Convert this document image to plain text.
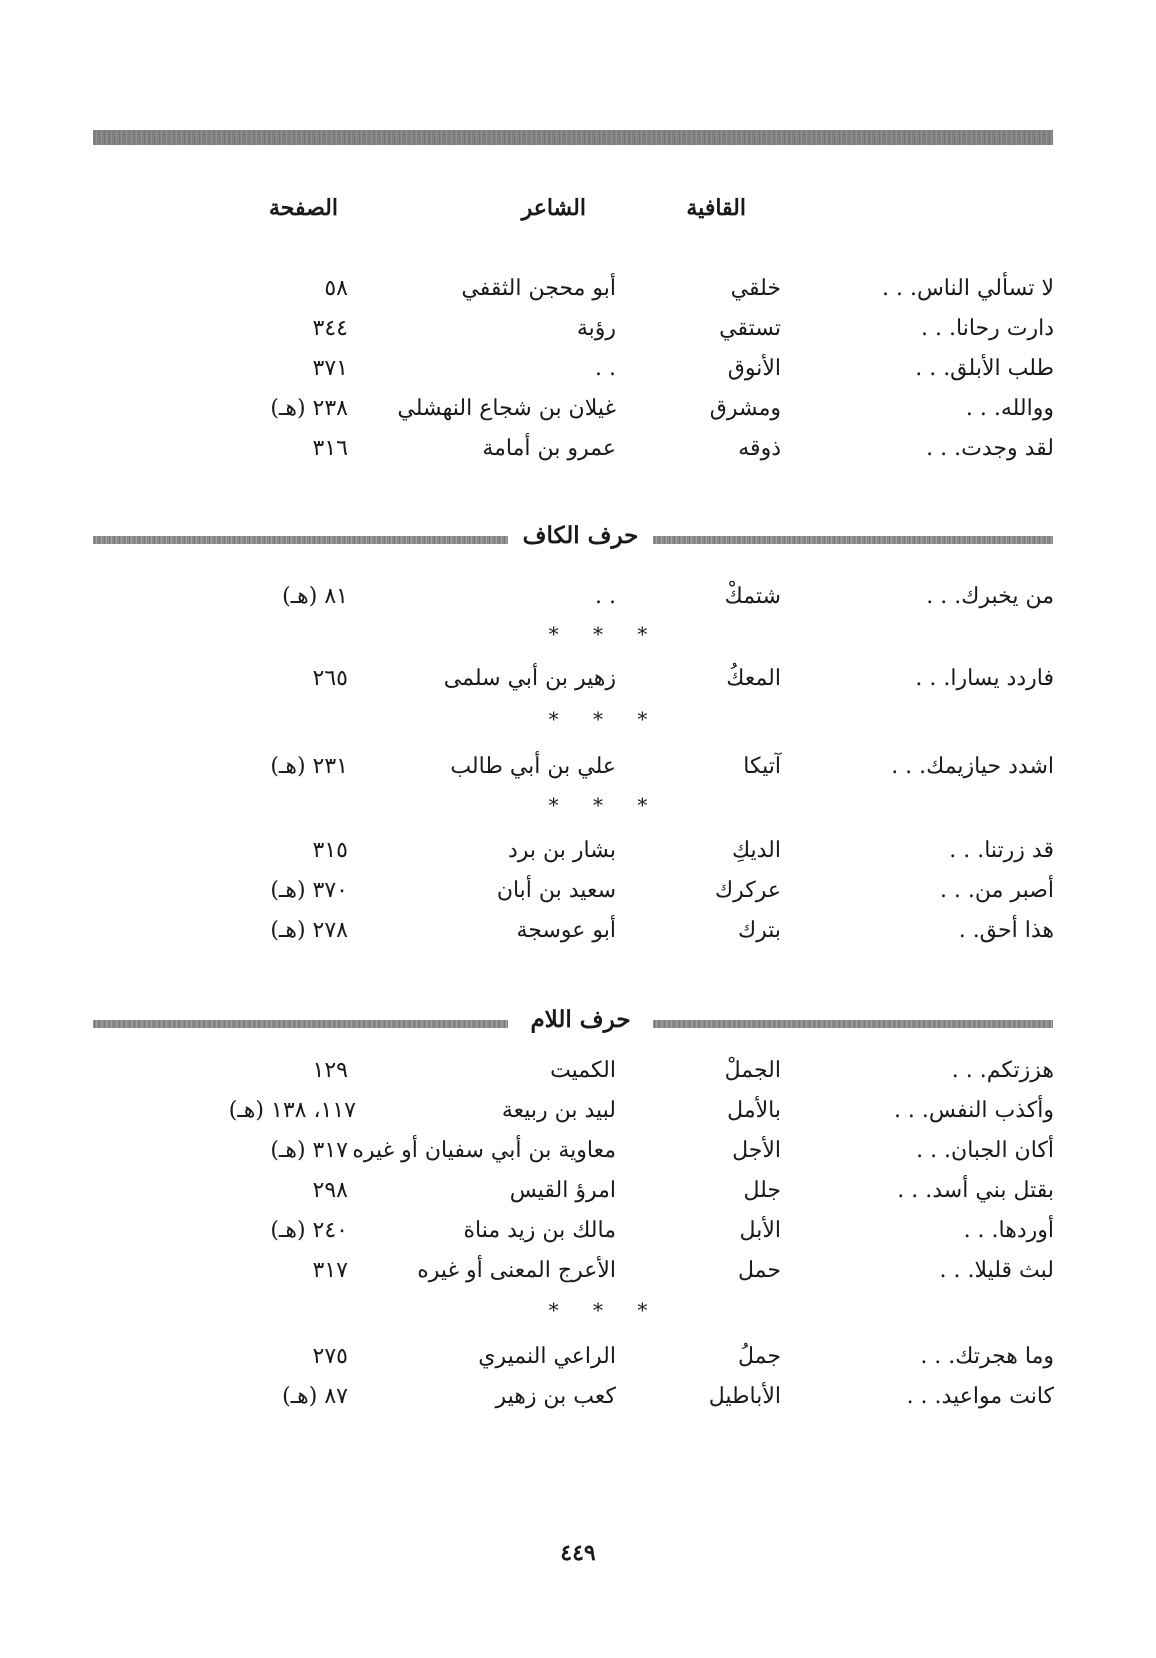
القافية
الشاعر
الصفحة
لا تسألي الناس. . .
خلقي
أبو محجن الثقفي
٥٨
دارت رحانا. . .
تستقي
رؤبة
٣٤٤
طلب الأبلق. . .
الأنوق
. .
٣٧١
ووالله. . .
ومشرق
غيلان بن شجاع النهشلي
٢٣٨ (هـ)
لقد وجدت. . .
ذوقه
عمرو بن أمامة
٣١٦
حرف الكاف
من يخبرك. . .
شتمكْ
. .
٨١ (هـ)
* * *
فاردد يسارا. . .
المعكُ
زهير بن أبي سلمى
٢٦٥
* * *
اشدد حيازيمك. . .
آتيكا
علي بن أبي طالب
٢٣١ (هـ)
* * *
قد زرتنا. . .
الديكِ
بشار بن برد
٣١٥
أصبر من. . .
عركرك
سعيد بن أبان
٣٧٠ (هـ)
هذا أحق. .
بترك
أبو عوسجة
٢٧٨ (هـ)
حرف اللام
هززتكم. . .
الجملْ
الكميت
١٢٩
وأكذب النفس. . .
بالأمل
لبيد بن ربيعة
١١٧، ١٣٨ (هـ)
أكان الجبان. . .
الأجل
معاوية بن أبي سفيان أو غيره
٣١٧ (هـ)
بقتل بني أسد. . .
جلل
امرؤ القيس
٢٩٨
أوردها. . .
الأبل
مالك بن زيد مناة
٢٤٠ (هـ)
لبث قليلا. . .
حمل
الأعرج المعنى أو غيره
٣١٧
* * *
وما هجرتك. . .
جملُ
الراعي النميري
٢٧٥
كانت مواعيد. . .
الأباطيل
كعب بن زهير
٨٧ (هـ)
٤٤٩
